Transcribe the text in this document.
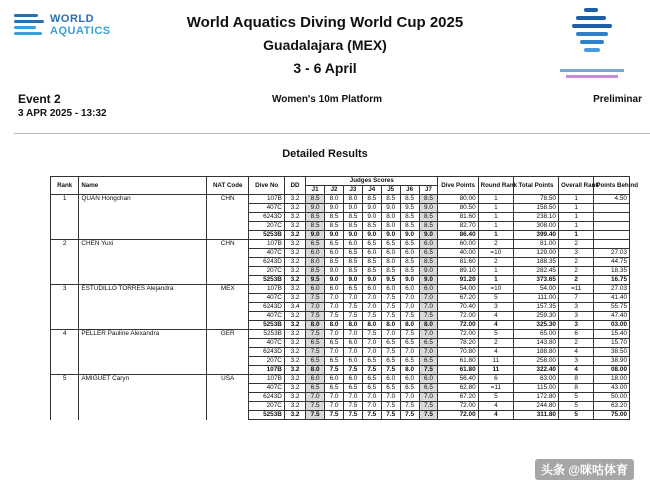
WORLD
AQUATICS	World Aquatics Diving World Cup 2025
Guadalajara (MEX)
3 - 6 April
Event 2
3 APR 2025 - 13:32
Women's 10m Platform	Preliminar
Detailed Results
Rank	Name	NAT Code	Dive No	DD	Judges Scores							Dive Points	Round Rank	Total Points	Overall Rank	Points Behind
					J1	J2	J3	J4	J5	J6	J7					
1	QUAN Hongchan	CHN	107B	3.2	8.5	8.0	8.0	8.5	8.5	8.5	8.5	80.00	1	78.50	1	4.50
			407C	3.2	9.0	9.0	9.0	9.0	9.0	9.5	9.0	80.50	1	158.50	1	
			6243D	3.2	8.5	8.5	8.5	9.0	8.0	8.5	8.5	81.60	1	238.10	1	
			207C	3.2	8.5	8.5	8.5	8.5	8.0	8.5	8.5	82.70	1	308.00	1	
			5253B	3.2	9.0	9.0	9.0	9.0	9.0	9.0	9.0	86.40	1	399.40	1	
2	CHEN Yuxi	CHN	107B	3.2	6.5	6.5	6.0	6.5	6.5	6.5	6.0	60.00	2	81.00	2	
			407C	3.2	6.0	6.0	6.5	6.0	6.0	6.0	6.5	40.00	=10	129.00	3	27.03
			6243D	3.2	8.0	8.5	8.5	8.5	8.0	8.5	8.5	81.60	2	188.35	2	44.75
			207C	3.2	8.5	9.0	8.5	8.5	8.5	8.5	9.0	89.10	1	282.45	2	18.35
			5253B	3.2	9.5	9.0	9.0	9.0	9.5	9.0	9.0	91.20	1	373.65	2	16.75
3	ESTUDILLO TORRES Alejandra	MEX	107B	3.2	6.0	6.0	6.5	6.0	6.0	6.0	6.0	54.00	=10	54.00	=11	27.03
			407C	3.2	7.5	7.0	7.0	7.0	7.5	7.0	7.0	67.20	5	111.00	7	41.40
			6243D	3.4	7.0	7.0	7.5	7.0	7.5	7.0	7.0	70.40	3	157.35	3	55.75
			407C	3.2	7.5	7.5	7.5	7.5	7.5	7.5	7.5	72.00	4	259.30	3	47.40
			5253B	3.2	8.0	8.0	8.0	8.0	8.0	8.0	8.0	72.00	4	325.30	3	03.00
4	PELLER Pauline Alexandra	GER	5253B	3.2	7.5	7.0	7.0	7.5	7.0	7.5	7.0	72.00	5	65.00	6	15.40
			407C	3.2	6.5	6.5	6.0	7.0	6.5	6.5	6.5	78.20	2	143.80	2	15.70
			6243D	3.2	7.5	7.0	7.0	7.0	7.5	7.0	7.0	70.80	4	188.80	4	38.50
			207C	3.2	6.5	6.5	6.0	6.5	6.5	6.5	6.5	61.80	11	258.00	3	38.90
			107B	3.2	8.0	7.5	7.5	7.5	7.5	8.0	7.5	61.80	11	322.40	4	08.00
5	AMIGUET Caryn	USA	107B	3.2	6.0	6.0	6.0	6.5	6.0	6.0	6.0	56.40	6	63.00	8	18.00
			407C	3.2	6.5	6.5	6.5	6.5	6.5	6.5	6.5	62.80	=11	115.00	8	43.00
			6243D	3.2	7.0	7.0	7.0	7.0	7.0	7.0	7.0	67.20	5	172.80	5	50.00
			207C	3.2	7.5	7.0	7.5	7.0	7.5	7.5	7.5	72.00	4	244.80	5	63.20
			5253B	3.2	7.5	7.5	7.5	7.5	7.5	7.5	7.5	72.00	4	311.80	5	75.00
头条 @咪咕体育
